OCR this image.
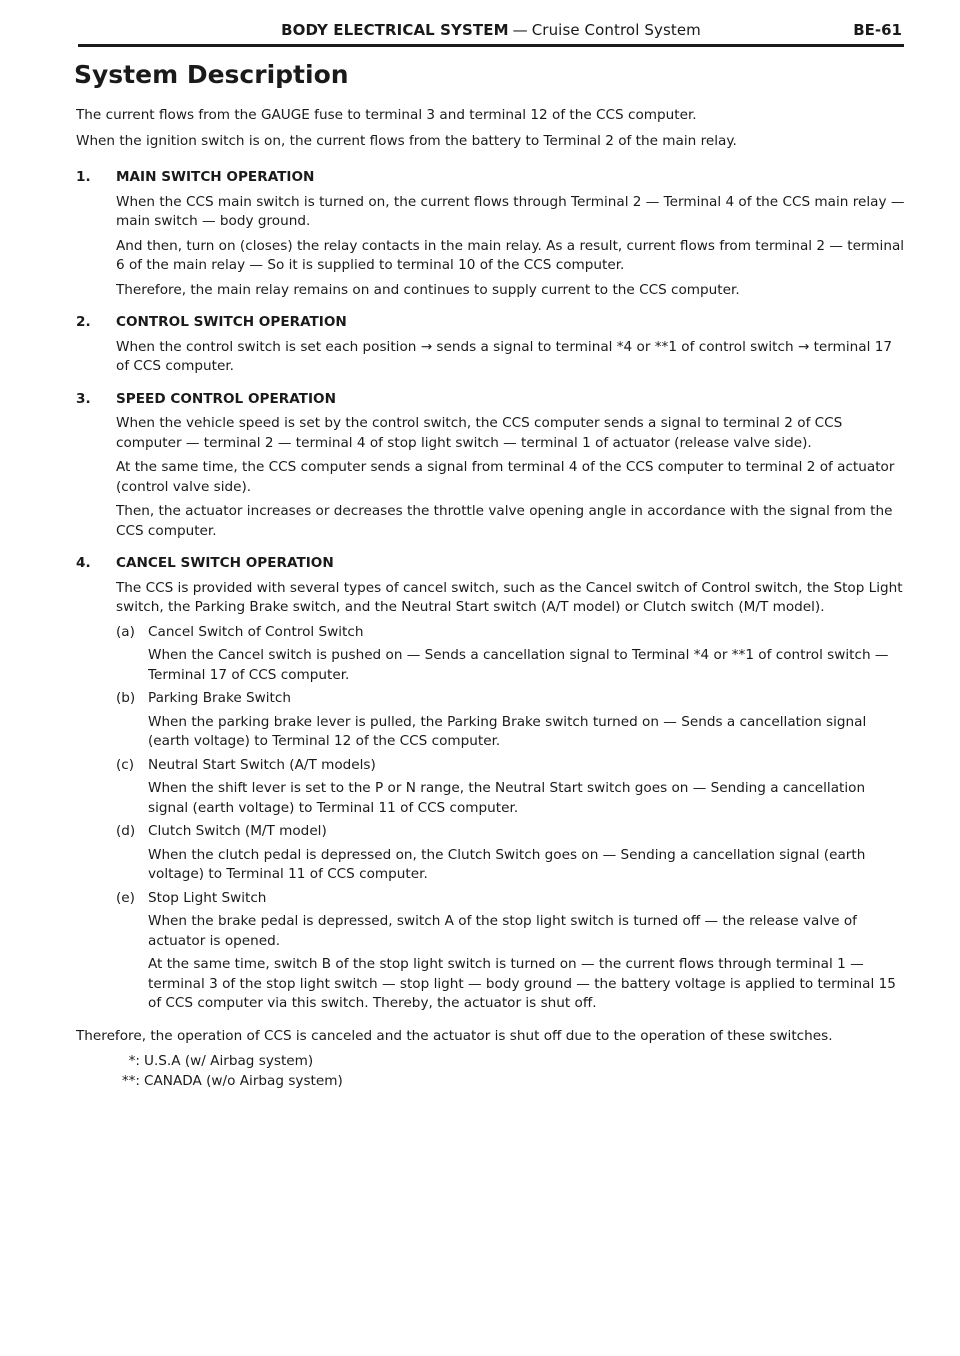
BODY ELECTRICAL SYSTEM — Cruise Control System	BE-61
System Description

The current flows from the GAUGE fuse to terminal 3 and terminal 12 of the CCS computer.

When the ignition switch is on, the current flows from the battery to Terminal 2 of the main relay.

1.	MAIN SWITCH OPERATION

When the CCS main switch is turned on, the current flows through Terminal 2 — Terminal 4 of the CCS main relay — main switch — body ground.

And then, turn on (closes) the relay contacts in the main relay. As a result, current flows from terminal 2 — terminal 6 of the main relay — So it is supplied to terminal 10 of the CCS computer.

Therefore, the main relay remains on and continues to supply current to the CCS computer.

2.	CONTROL SWITCH OPERATION

When the control switch is set each position → sends a signal to terminal *4 or **1 of control switch → terminal 17 of CCS computer.

3.	SPEED CONTROL OPERATION

When the vehicle speed is set by the control switch, the CCS computer sends a signal to terminal 2 of CCS computer — terminal 2 — terminal 4 of stop light switch — terminal 1 of actuator (release valve side).

At the same time, the CCS computer sends a signal from terminal 4 of the CCS computer to terminal 2 of actuator (control valve side).

Then, the actuator increases or decreases the throttle valve opening angle in accordance with the signal from the CCS computer.

4.	CANCEL SWITCH OPERATION

The CCS is provided with several types of cancel switch, such as the Cancel switch of Control switch, the Stop Light switch, the Parking Brake switch, and the Neutral Start switch (A/T model) or Clutch switch (M/T model).

(a) Cancel Switch of Control Switch

When the Cancel switch is pushed on — Sends a cancellation signal to Terminal *4 or **1 of control switch — Terminal 17 of CCS computer.

(b) Parking Brake Switch

When the parking brake lever is pulled, the Parking Brake switch turned on — Sends a cancellation signal (earth voltage) to Terminal 12 of the CCS computer.

(c) Neutral Start Switch (A/T models)

When the shift lever is set to the P or N range, the Neutral Start switch goes on — Sending a cancellation signal (earth voltage) to Terminal 11 of CCS computer.

(d) Clutch Switch (M/T model)

When the clutch pedal is depressed on, the Clutch Switch goes on — Sending a cancellation signal (earth voltage) to Terminal 11 of CCS computer.

(e) Stop Light Switch

When the brake pedal is depressed, switch A of the stop light switch is turned off — the release valve of actuator is opened.

At the same time, switch B of the stop light switch is turned on — the current flows through terminal 1 — terminal 3 of the stop light switch — stop light — body ground — the battery voltage is applied to terminal 15 of CCS computer via this switch. Thereby, the actuator is shut off.

Therefore, the operation of CCS is canceled and the actuator is shut off due to the operation of these switches.

*: U.S.A (w/ Airbag system)
**: CANADA (w/o Airbag system)
